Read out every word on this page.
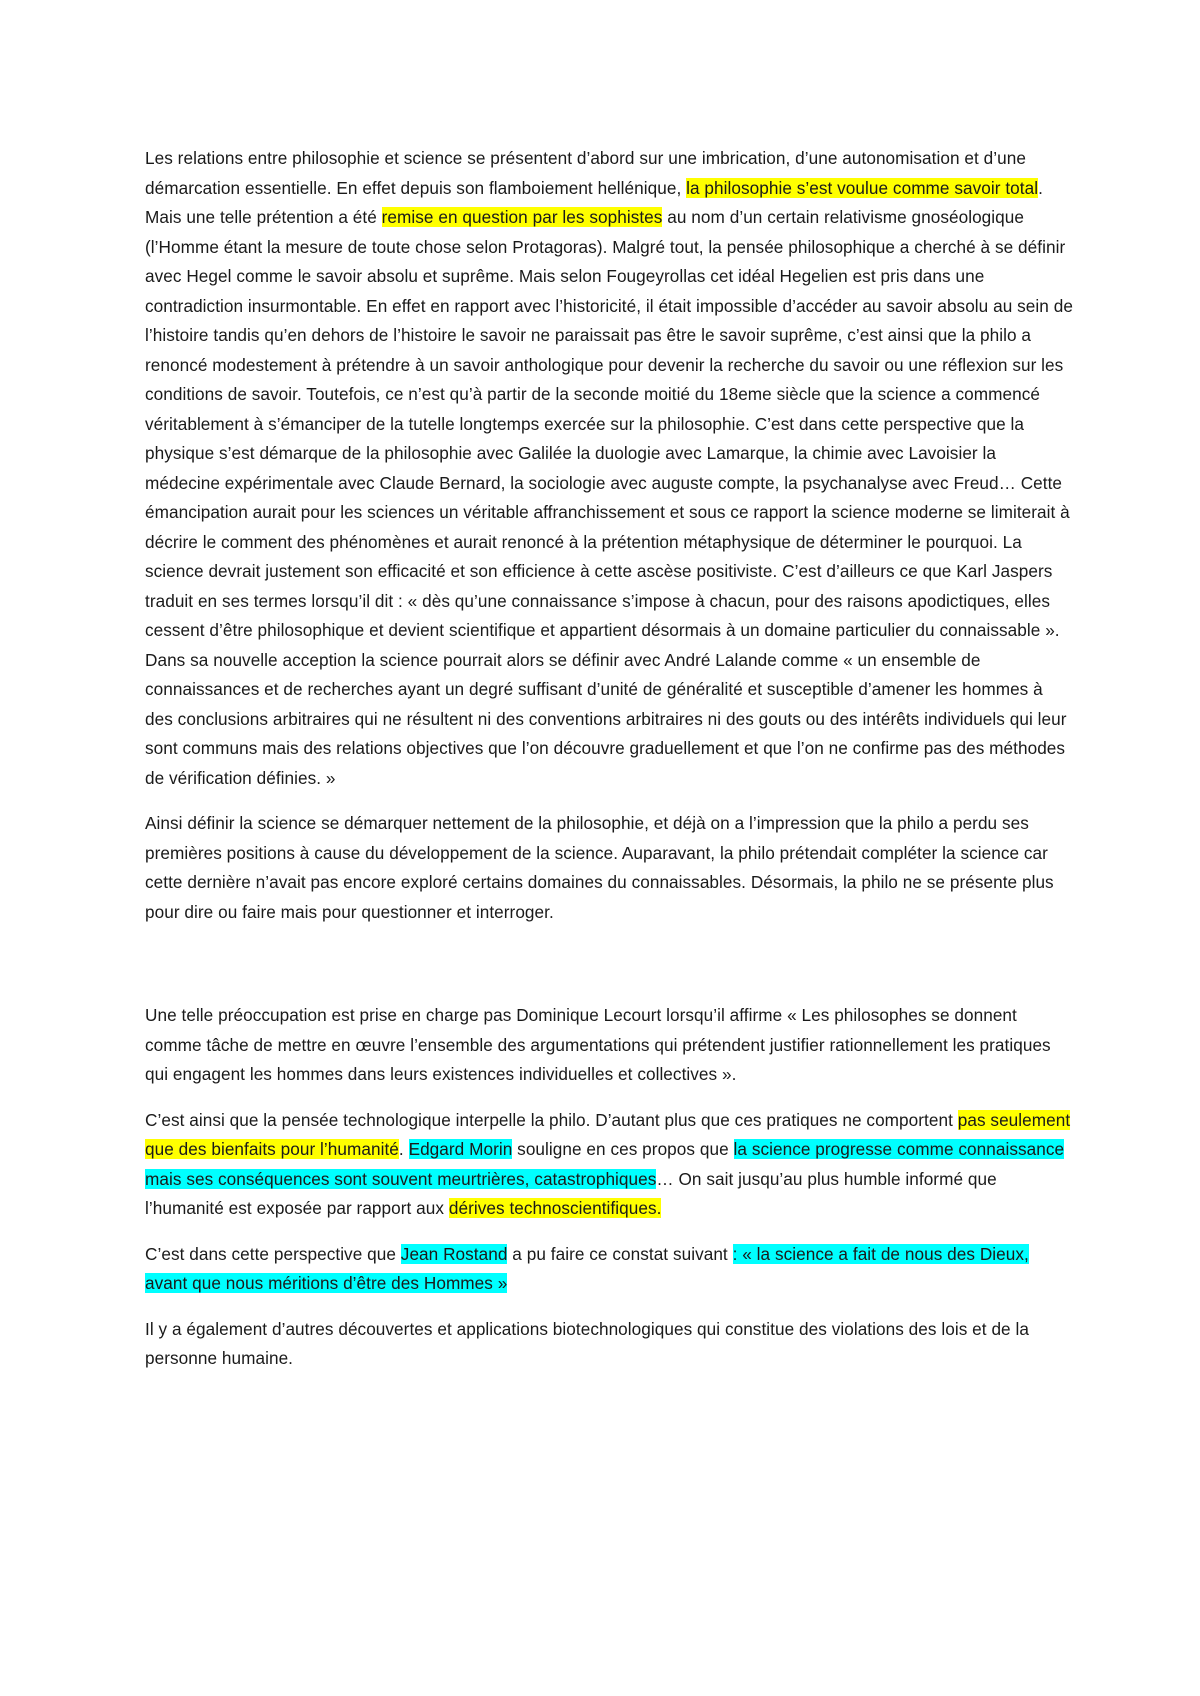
Les relations entre philosophie et science se présentent d’abord sur une imbrication, d’une autonomisation et d’une démarcation essentielle. En effet depuis son flamboiement hellénique, la philosophie s’est voulue comme savoir total. Mais une telle prétention a été remise en question par les sophistes au nom d’un certain relativisme gnoséologique (l’Homme étant la mesure de toute chose selon Protagoras). Malgré tout, la pensée philosophique a cherché à se définir avec Hegel comme le savoir absolu et suprême. Mais selon Fougeyrollas cet idéal Hegelien est pris dans une contradiction insurmontable. En effet en rapport avec l’historicité, il était impossible d’accéder au savoir absolu au sein de l’histoire tandis qu’en dehors de l’histoire le savoir ne paraissait pas être le savoir suprême, c’est ainsi que la philo a renoncé modestement à prétendre à un savoir anthologique pour devenir la recherche du savoir ou une réflexion sur les conditions de savoir. Toutefois, ce n’est qu’à partir de la seconde moitié du 18eme siècle que la science a commencé véritablement à s’émanciper de la tutelle longtemps exercée sur la philosophie. C’est dans cette perspective que la physique s’est démarque de la philosophie avec Galilée la duologie avec Lamarque, la chimie avec Lavoisier la médecine expérimentale avec Claude Bernard, la sociologie avec auguste compte, la psychanalyse avec Freud… Cette émancipation aurait pour les sciences un véritable affranchissement et sous ce rapport la science moderne se limiterait à décrire le comment des phénomènes et aurait renoncé à la prétention métaphysique de déterminer le pourquoi. La science devrait justement son efficacité et son efficience à cette ascèse positiviste. C’est d’ailleurs ce que Karl Jaspers traduit en ses termes lorsqu’il dit : « dès qu’une connaissance s’impose à chacun, pour des raisons apodictiques, elles cessent d’être philosophique et devient scientifique et appartient désormais à un domaine particulier du connaissable ». Dans sa nouvelle acception la science pourrait alors se définir avec André Lalande comme « un ensemble de connaissances et de recherches ayant un degré suffisant d’unité de généralité et susceptible d’amener les hommes à des conclusions arbitraires qui ne résultent ni des conventions arbitraires ni des gouts ou des intérêts individuels qui leur sont communs mais des relations objectives que l’on découvre graduellement et que l’on ne confirme pas des méthodes de vérification définies. »

Ainsi définir la science se démarquer nettement de la philosophie, et déjà on a l’impression que la philo a perdu ses premières positions à cause du développement de la science. Auparavant, la philo prétendait compléter la science car cette dernière n’avait pas encore exploré certains domaines du connaissables. Désormais, la philo ne se présente plus pour dire ou faire mais pour questionner et interroger.

Une telle préoccupation est prise en charge pas Dominique Lecourt lorsqu’il affirme « Les philosophes se donnent comme tâche de mettre en œuvre l’ensemble des argumentations qui prétendent justifier rationnellement les pratiques qui engagent les hommes dans leurs existences individuelles et collectives ».

C’est ainsi que la pensée technologique interpelle la philo. D’autant plus que ces pratiques ne comportent pas seulement que des bienfaits pour l’humanité. Edgard Morin souligne en ces propos que la science progresse comme connaissance mais ses conséquences sont souvent meurtrières, catastrophiques… On sait jusqu’au plus humble informé que l’humanité est exposée par rapport aux dérives technoscientifiques.

C’est dans cette perspective que Jean Rostand a pu faire ce constat suivant : « la science a fait de nous des Dieux, avant que nous méritions d’être des Hommes »

Il y a également d’autres découvertes et applications biotechnologiques qui constitue des violations des lois et de la personne humaine.
